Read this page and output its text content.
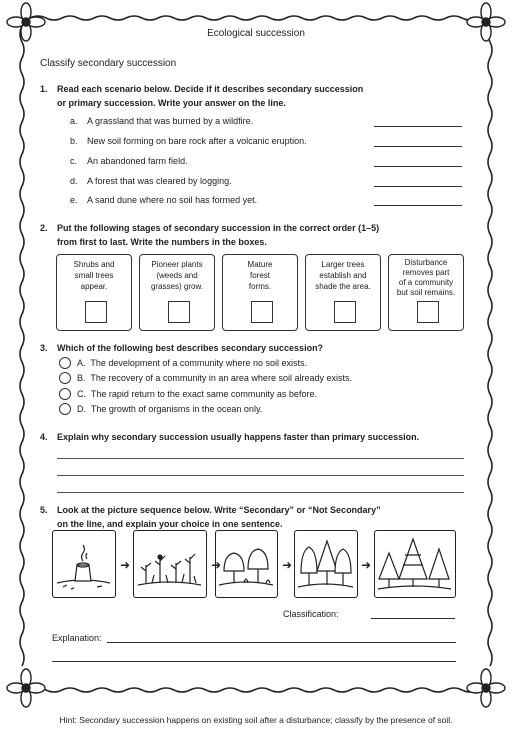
Ecological succession
Classify secondary succession
1. Read each scenario below. Decide if it describes secondary succession
or primary succession. Write your answer on the line.
a. A grassland that was burned by a wildfire.
b. New soil forming on bare rock after a volcanic eruption.
c. An abandoned farm field.
d. A forest that was cleared by logging.
e. A sand dune where no soil has formed yet.
2. Put the following stages of secondary succession in the correct order (1–5)
from first to last. Write the numbers in the boxes.
Shrubs and
small trees
appear.
Pioneer plants
(weeds and
grasses) grow.
Mature
forest
forms.
Larger trees
establish and
shade the area.
Disturbance
removes part
of a community
but soil remains.
3. Which of the following best describes secondary succession?
A. The development of a community where no soil exists.
B. The recovery of a community in an area where soil already exists.
C. The rapid return to the exact same community as before.
D. The growth of organisms in the ocean only.
4. Explain why secondary succession usually happens faster than primary succession.
5. Look at the picture sequence below. Write “Secondary” or “Not Secondary”
on the line, and explain your choice in one sentence.
➜	➜	➜	➜
Classification:
Explanation:
Hint: Secondary succession happens on existing soil after a disturbance; classify by the presence of soil.
